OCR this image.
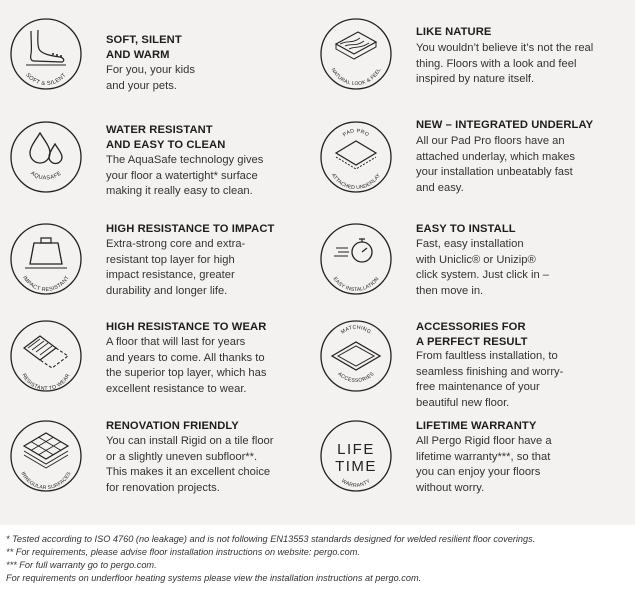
SOFT & SILENT
SOFT, SILENT
AND WARM
For you, your kids
and your pets.
AQUASAFE
WATER RESISTANT
AND EASY TO CLEAN
The AquaSafe technology gives
your floor a watertight* surface
making it really easy to clean.
IMPACT RESISTANT
HIGH RESISTANCE TO IMPACT
Extra-strong core and extra-
resistant top layer for high
impact resistance, greater
durability and longer life.
RESISTANT TO WEAR
HIGH RESISTANCE TO WEAR
A floor that will last for years
and years to come. All thanks to
the superior top layer, which has
excellent resistance to wear.
IRREGULAR SURFACES
RENOVATION FRIENDLY
You can install Rigid on a tile floor
or a slightly uneven subfloor**.
This makes it an excellent choice
for renovation projects.
NATURAL LOOK & FEEL
LIKE NATURE
You wouldn’t believe it’s not the real
thing. Floors with a look and feel
inspired by nature itself.
PAD PRO
ATTACHED UNDERLAY
NEW – INTEGRATED UNDERLAY
All our Pad Pro floors have an
attached underlay, which makes
your installation unbeatably fast
and easy.
EASY INSTALLATION
EASY TO INSTALL
Fast, easy installation
with Uniclic® or Unizip®
click system. Just click in –
then move in.
MATCHING
ACCESSORIES
ACCESSORIES FOR
A PERFECT RESULT
From faultless installation, to
seamless finishing and worry-
free maintenance of your
beautiful new floor.
LIFE
TIME
WARRANTY
LIFETIME WARRANTY
All Pergo Rigid floor have a
lifetime warranty***, so that
you can enjoy your floors
without worry.
* Tested according to ISO 4760 (no leakage) and is not following EN13553 standards designed for welded resilient floor coverings.
** For requirements, please advise floor installation instructions on website: pergo.com.
*** For full warranty go to pergo.com.
For requirements on underfloor heating systems please view the installation instructions at pergo.com.
